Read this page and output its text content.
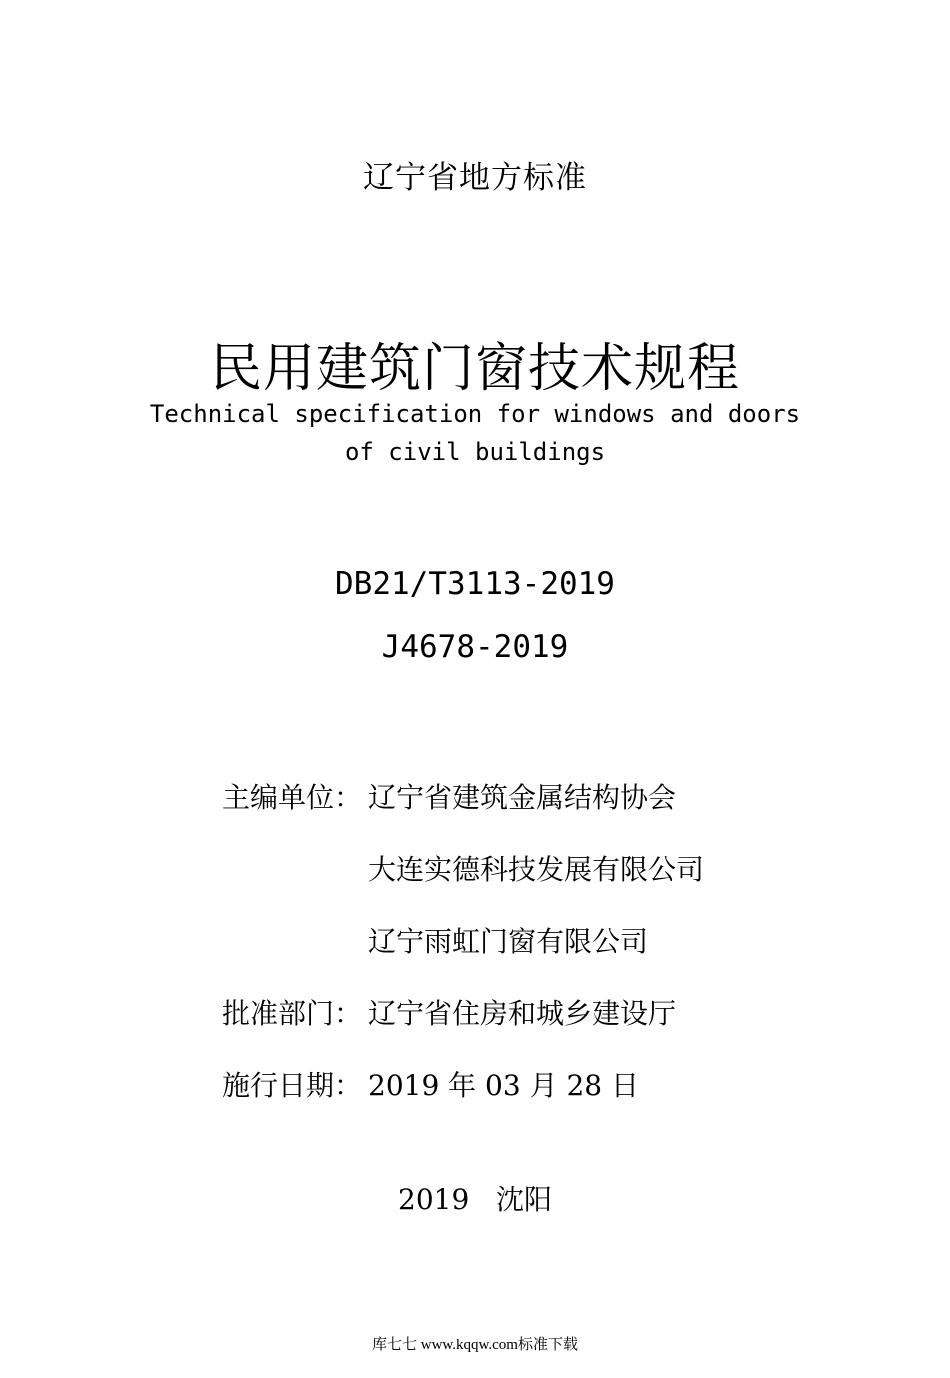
辽宁省地方标准
民用建筑门窗技术规程
Technical specification for windows and doors
of civil buildings
DB21/T3113-2019
J4678-2019
主编单位： 辽宁省建筑金属结构协会
大连实德科技发展有限公司
辽宁雨虹门窗有限公司
批准部门： 辽宁省住房和城乡建设厅
施行日期： 2019 年 03 月 28 日
2019 沈阳
库七七 www.kqqw.com标准下载
